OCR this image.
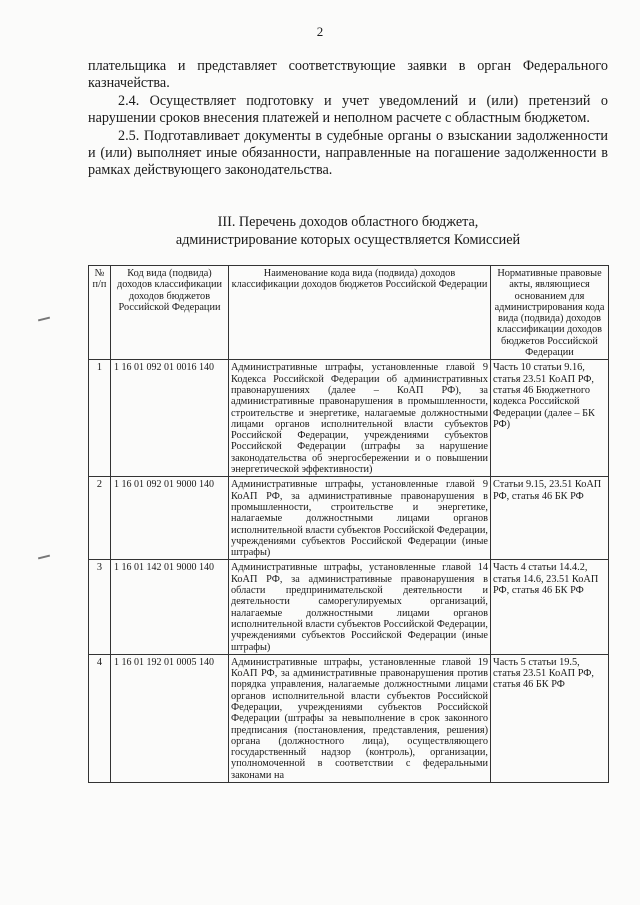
2

плательщика и представляет соответствующие заявки в орган Федерального казначейства.

2.4. Осуществляет подготовку и учет уведомлений и (или) претензий о нарушении сроков внесения платежей и неполном расчете с областным бюджетом.

2.5. Подготавливает документы в судебные органы о взыскании задолженности и (или) выполняет иные обязанности, направленные на погашение задолженности в рамках действующего законодательства.

III. Перечень доходов областного бюджета,
администрирование которых осуществляется Комиссией
№ п/п	Код вида (подвида) доходов классификации доходов бюджетов Российской Федерации	Наименование кода вида (подвида) доходов классификации доходов бюджетов Российской Федерации	Нормативные правовые акты, являющиеся основанием для администрирования кода вида (подвида) доходов классификации доходов бюджетов Российской Федерации
1	1 16 01 092 01 0016 140	Административные штрафы, установленные главой 9 Кодекса Российской Федерации об административных правонарушениях (далее – КоАП РФ), за административные правонарушения в промышленности, строительстве и энергетике, налагаемые должностными лицами органов исполнительной власти субъектов Российской Федерации, учреждениями субъектов Российской Федерации (штрафы за нарушение законодательства об энергосбережении и о повышении энергетической эффективности)	Часть 10 статьи 9.16, статья 23.51 КоАП РФ, статья 46 Бюджетного кодекса Российской Федерации (далее – БК РФ)
2	1 16 01 092 01 9000 140	Административные штрафы, установленные главой 9 КоАП РФ, за административные правонарушения в промышленности, строительстве и энергетике, налагаемые должностными лицами органов исполнительной власти субъектов Российской Федерации, учреждениями субъектов Российской Федерации (иные штрафы)	Статьи 9.15, 23.51 КоАП РФ, статья 46 БК РФ
3	1 16 01 142 01 9000 140	Административные штрафы, установленные главой 14 КоАП РФ, за административные правонарушения в области предпринимательской деятельности и деятельности саморегулируемых организаций, налагаемые должностными лицами органов исполнительной власти субъектов Российской Федерации, учреждениями субъектов Российской Федерации (иные штрафы)	Часть 4 статьи 14.4.2, статья 14.6, 23.51 КоАП РФ, статья 46 БК РФ
4	1 16 01 192 01 0005 140	Административные штрафы, установленные главой 19 КоАП РФ, за административные правонарушения против порядка управления, налагаемые должностными лицами органов исполнительной власти субъектов Российской Федерации, учреждениями субъектов Российской Федерации (штрафы за невыполнение в срок законного предписания (постановления, представления, решения) органа (должностного лица), осуществляющего государственный надзор (контроль), организации, уполномоченной в соответствии с федеральными законами на	Часть 5 статьи 19.5, статья 23.51 КоАП РФ, статья 46 БК РФ
